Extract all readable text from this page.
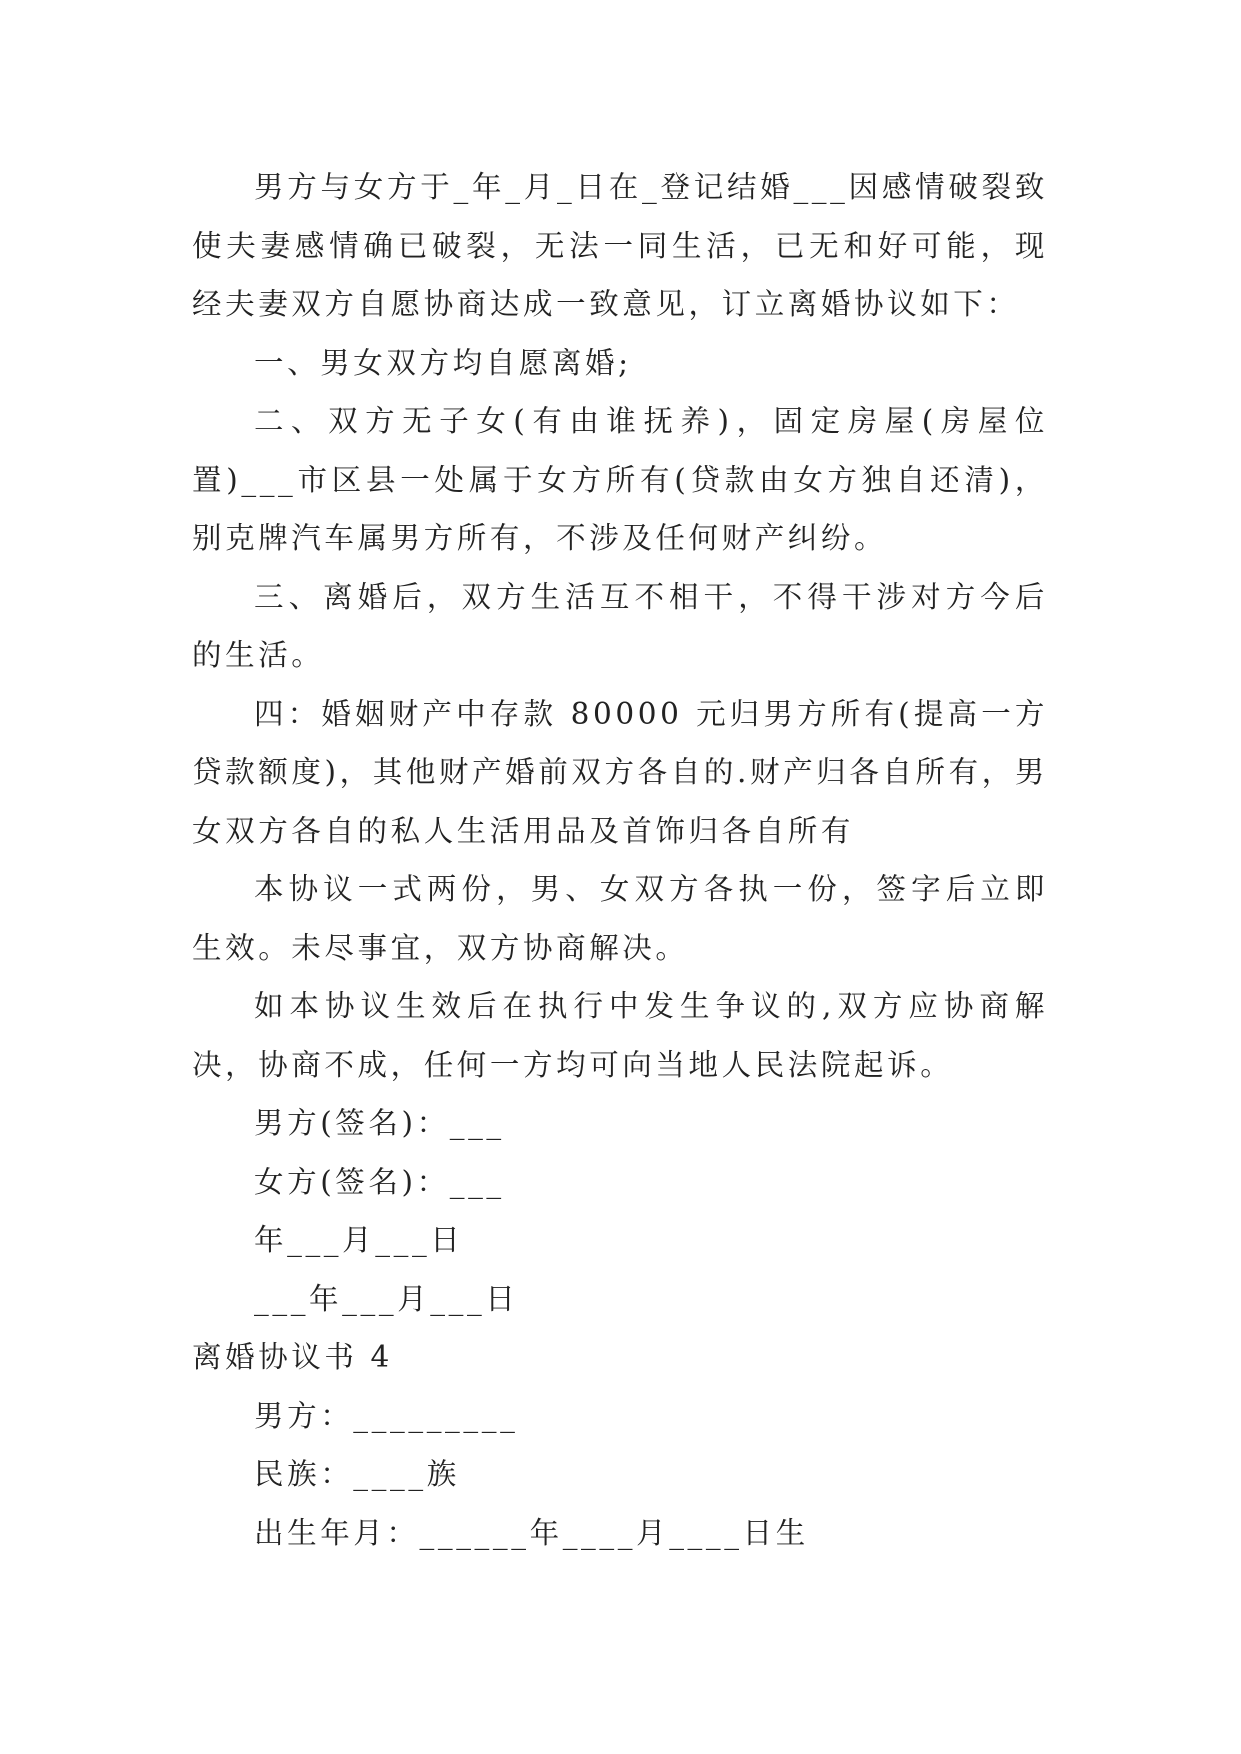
男方与女方于_年_月_日在_登记结婚___因感情破裂致使夫妻感情确已破裂，无法一同生活，已无和好可能，现经夫妻双方自愿协商达成一致意见，订立离婚协议如下：

一、男女双方均自愿离婚;

二、双方无子女(有由谁抚养)，固定房屋(房屋位置)___市区县一处属于女方所有(贷款由女方独自还清)，别克牌汽车属男方所有，不涉及任何财产纠纷。

三、离婚后，双方生活互不相干，不得干涉对方今后的生活。

四：婚姻财产中存款 80000 元归男方所有(提高一方贷款额度)，其他财产婚前双方各自的.财产归各自所有，男女双方各自的私人生活用品及首饰归各自所有

本协议一式两份，男、女双方各执一份，签字后立即生效。未尽事宜，双方协商解决。

如本协议生效后在执行中发生争议的,双方应协商解决，协商不成，任何一方均可向当地人民法院起诉。

男方(签名)：___

女方(签名)：___

年___月___日

___年___月___日

离婚协议书 4

男方：_________

民族：____族

出生年月：______年____月____日生
